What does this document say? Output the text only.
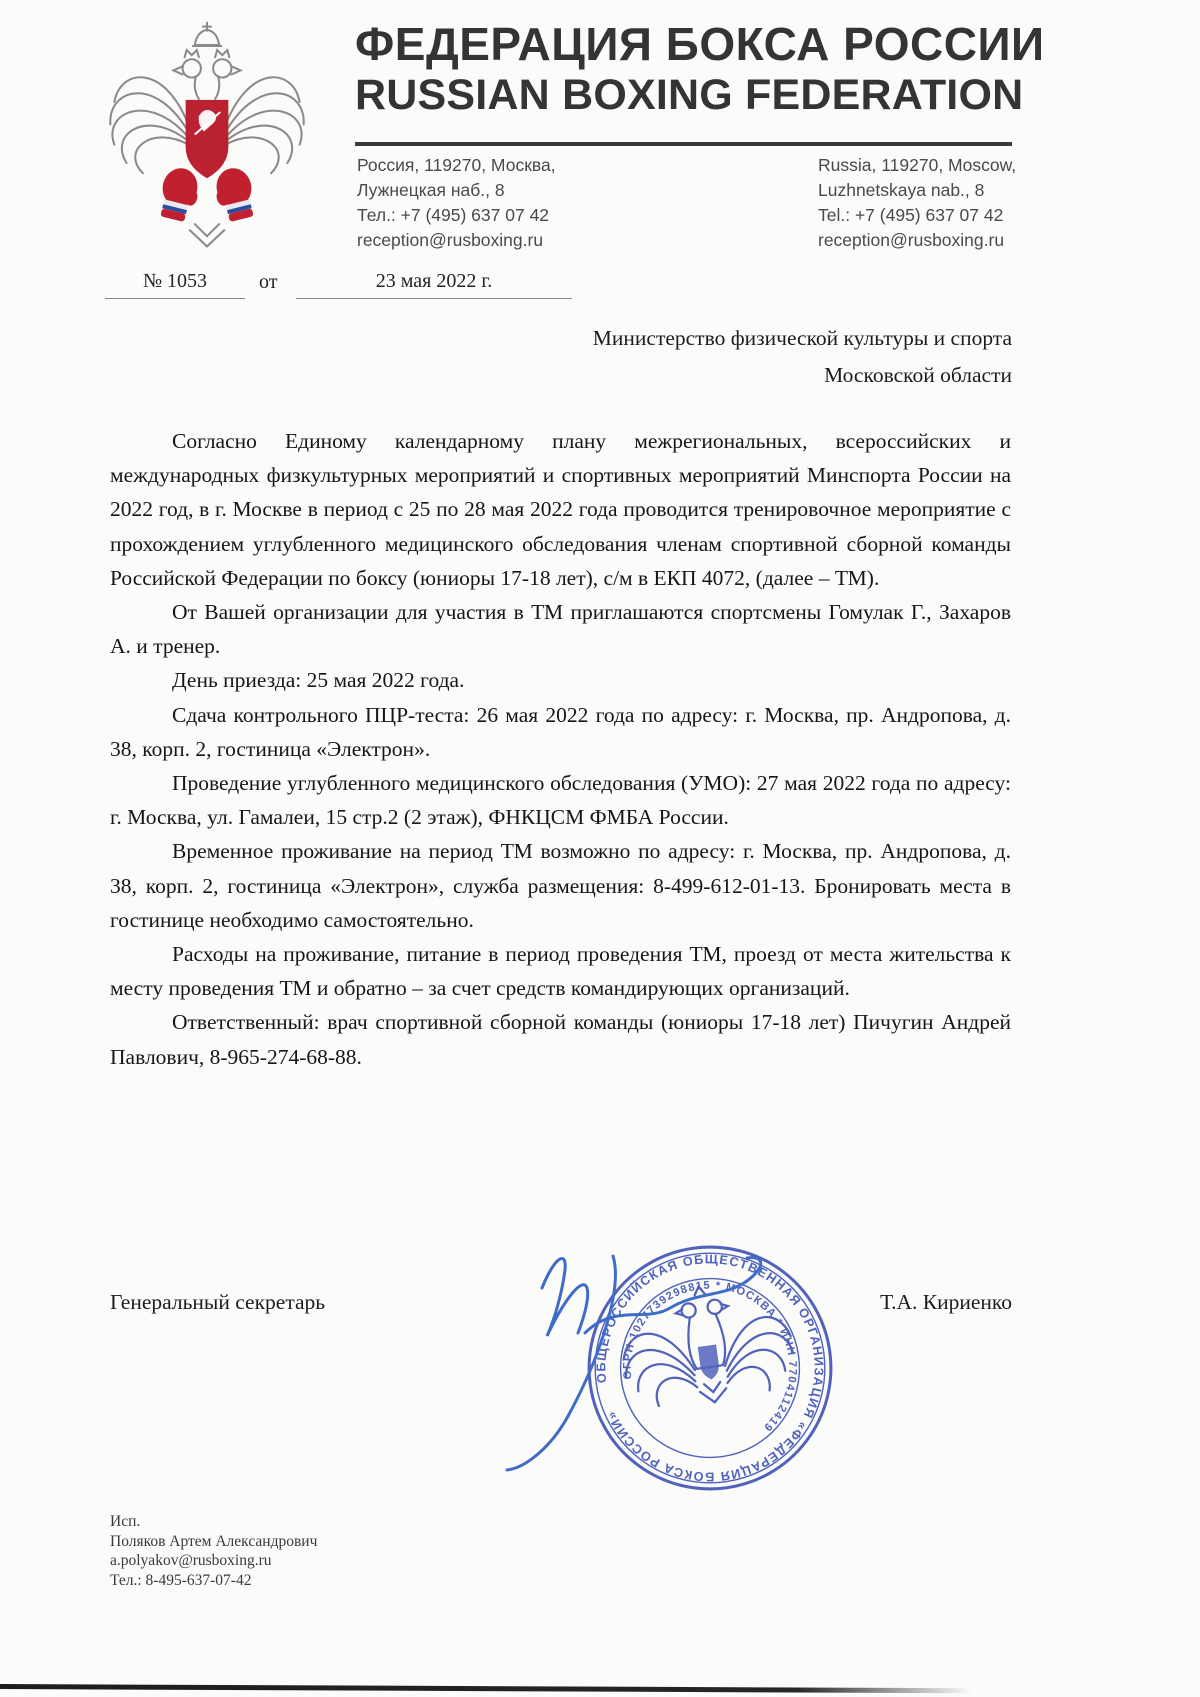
ФЕДЕРАЦИЯ БОКСА РОССИИ
RUSSIAN BOXING FEDERATION
Россия, 119270, Москва,
Лужнецкая наб., 8
Тел.: +7 (495) 637 07 42
reception@rusboxing.ru
Russia, 119270, Moscow,
Luzhnetskaya nab., 8
Tel.: +7 (495) 637 07 42
reception@rusboxing.ru
№ 1053	от	23 мая 2022 г.
Министерство физической культуры и спорта
Московской области

Согласно Единому календарному плану межрегиональных, всероссийских и международных физкультурных мероприятий и спортивных мероприятий Минспорта России на 2022 год, в г. Москве в период с 25 по 28 мая 2022 года проводится тренировочное мероприятие с прохождением углубленного медицинского обследования членам спортивной сборной команды Российской Федерации по боксу (юниоры 17-18 лет), с/м в ЕКП 4072, (далее – ТМ).

От Вашей организации для участия в ТМ приглашаются спортсмены Гомулак Г., Захаров А. и тренер.

День приезда: 25 мая 2022 года.

Сдача контрольного ПЦР-теста: 26 мая 2022 года по адресу: г. Москва, пр. Андропова, д. 38, корп. 2, гостиница «Электрон».

Проведение углубленного медицинского обследования (УМО): 27 мая 2022 года по адресу: г. Москва, ул. Гамалеи, 15 стр.2 (2 этаж), ФНКЦСМ ФМБА России.

Временное проживание на период ТМ возможно по адресу: г. Москва, пр. Андропова, д. 38, корп. 2, гостиница «Электрон», служба размещения: 8-499-612-01-13. Бронировать места в гостинице необходимо самостоятельно.

Расходы на проживание, питание в период проведения ТМ, проезд от места жительства к месту проведения ТМ и обратно – за счет средств командирующих организаций.

Ответственный: врач спортивной сборной команды (юниоры 17-18 лет) Пичугин Андрей Павлович, 8-965-274-68-88.

Генеральный секретарь	Т.А. Кириенко
ОБЩЕРОССИЙСКАЯ ОБЩЕСТВЕННАЯ ОРГАНИЗАЦИЯ «ФЕДЕРАЦИЯ БОКСА РОССИИ»
ОГРН 1027739298815 * МОСКВА * ИНН 7704112419
Исп.
Поляков Артем Александрович
a.polyakov@rusboxing.ru
Тел.: 8-495-637-07-42
